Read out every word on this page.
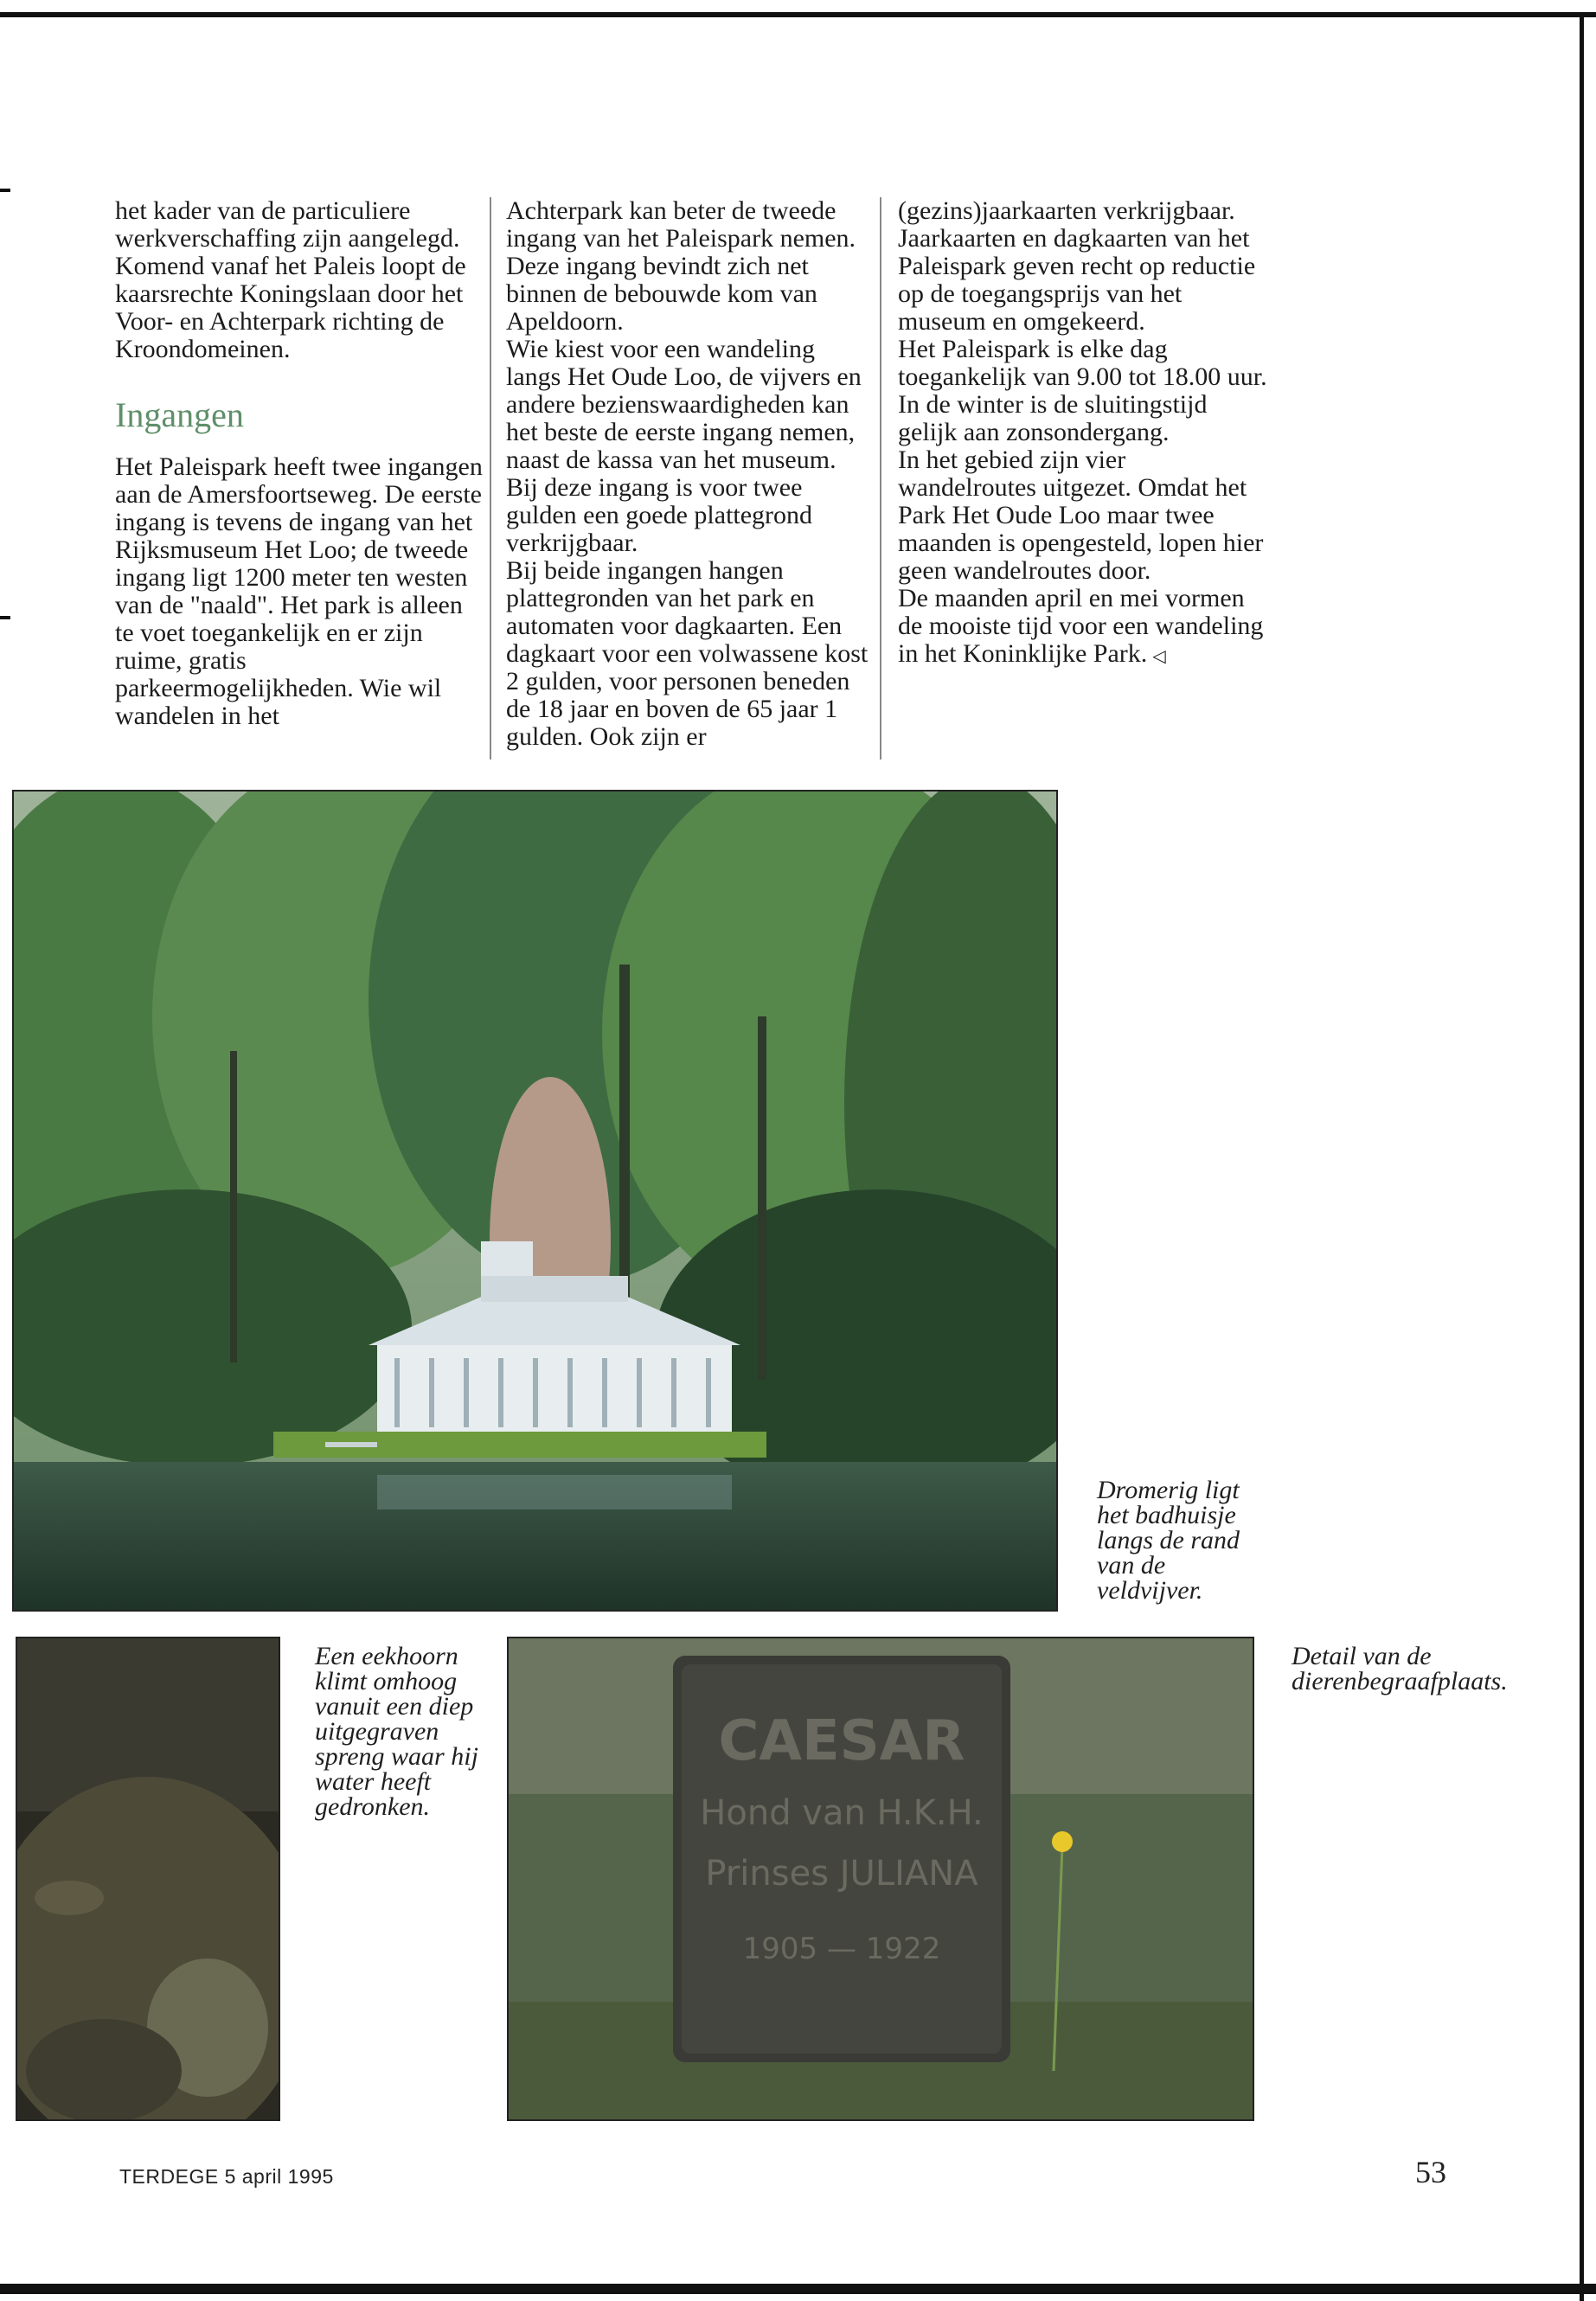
het kader van de particuliere werkverschaffing zijn aangelegd. Komend vanaf het Paleis loopt de kaarsrechte Koningslaan door het Voor- en Achterpark richting de Kroondomeinen.

Ingangen

Het Paleispark heeft twee ingangen aan de Amersfoortseweg. De eerste ingang is tevens de ingang van het Rijksmuseum Het Loo; de tweede ingang ligt 1200 meter ten westen van de "naald". Het park is alleen te voet toegankelijk en er zijn ruime, gratis parkeermogelijkheden. Wie wil wandelen in het

Achterpark kan beter de tweede ingang van het Paleispark nemen. Deze ingang bevindt zich net binnen de bebouwde kom van Apeldoorn.

Wie kiest voor een wandeling langs Het Oude Loo, de vijvers en andere bezienswaardigheden kan het beste de eerste ingang nemen, naast de kassa van het museum. Bij deze ingang is voor twee gulden een goede plattegrond verkrijgbaar.

Bij beide ingangen hangen plattegronden van het park en automaten voor dagkaarten. Een dagkaart voor een volwassene kost 2 gulden, voor personen beneden de 18 jaar en boven de 65 jaar 1 gulden. Ook zijn er

(gezins)jaarkaarten verkrijgbaar. Jaarkaarten en dagkaarten van het Paleispark geven recht op reductie op de toegangsprijs van het museum en omgekeerd.

Het Paleispark is elke dag toegankelijk van 9.00 tot 18.00 uur.

In de winter is de sluitingstijd gelijk aan zonsondergang.

In het gebied zijn vier wandelroutes uitgezet. Omdat het Park Het Oude Loo maar twee maanden is opengesteld, lopen hier geen wandelroutes door.

De maanden april en mei vormen de mooiste tijd voor een wandeling in het Koninklijke Park. ◁

Dromerig ligt het badhuisje langs de rand van de veldvijver.
Een eekhoorn klimt omhoog vanuit een diep uitgegraven spreng waar hij water heeft gedronken.
CAESAR
Hond van H.K.H.
Prinses JULIANA
1905 — 1922
Detail van de dierenbegraafplaats.
TERDEGE 5 april 1995	53
